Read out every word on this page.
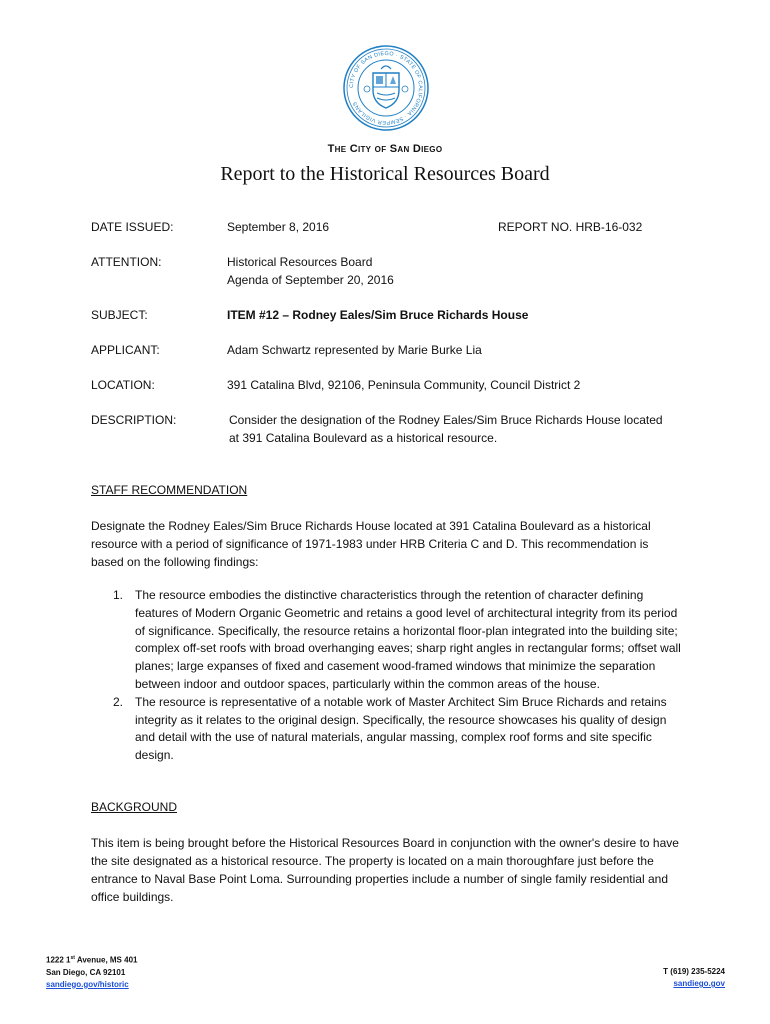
CITY OF SAN DIEGO · STATE OF CALIFORNIA · SEMPER VIGILANS
The City of San Diego
Report to the Historical Resources Board
DATE ISSUED:	September 8, 2016	REPORT NO. HRB-16-032
ATTENTION:	Historical Resources Board
Agenda of September 20, 2016
SUBJECT:	ITEM #12 – Rodney Eales/Sim Bruce Richards House
APPLICANT:	Adam Schwartz represented by Marie Burke Lia
LOCATION:	391 Catalina Blvd, 92106, Peninsula Community, Council District 2
DESCRIPTION:	Consider the designation of the Rodney Eales/Sim Bruce Richards House located at 391 Catalina Boulevard as a historical resource.
STAFF RECOMMENDATION
Designate the Rodney Eales/Sim Bruce Richards House located at 391 Catalina Boulevard as a historical resource with a period of significance of 1971-1983 under HRB Criteria C and D. This recommendation is based on the following findings:
1. The resource embodies the distinctive characteristics through the retention of character defining features of Modern Organic Geometric and retains a good level of architectural integrity from its period of significance. Specifically, the resource retains a horizontal floor-plan integrated into the building site; complex off-set roofs with broad overhanging eaves; sharp right angles in rectangular forms; offset wall planes; large expanses of fixed and casement wood-framed windows that minimize the separation between indoor and outdoor spaces, particularly within the common areas of the house.
2. The resource is representative of a notable work of Master Architect Sim Bruce Richards and retains integrity as it relates to the original design. Specifically, the resource showcases his quality of design and detail with the use of natural materials, angular massing, complex roof forms and site specific design.
BACKGROUND
This item is being brought before the Historical Resources Board in conjunction with the owner's desire to have the site designated as a historical resource. The property is located on a main thoroughfare just before the entrance to Naval Base Point Loma. Surrounding properties include a number of single family residential and office buildings.
1222 1st Avenue, MS 401
San Diego, CA 92101
sandiego.gov/historic
T (619) 235-5224
sandiego.gov
